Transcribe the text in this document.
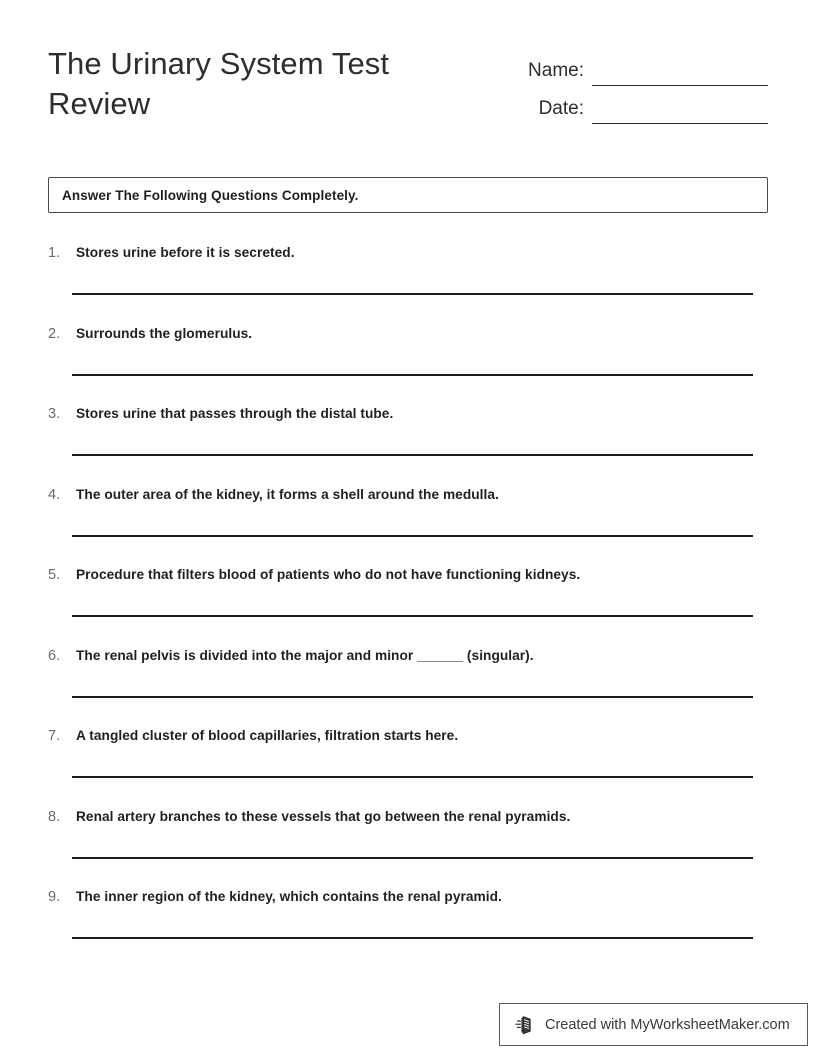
The Urinary System Test Review
Name:
Date:
Answer The Following Questions Completely.
1.	Stores urine before it is secreted.
2.	Surrounds the glomerulus.
3.	Stores urine that passes through the distal tube.
4.	The outer area of the kidney, it forms a shell around the medulla.
5.	Procedure that filters blood of patients who do not have functioning kidneys.
6.	The renal pelvis is divided into the major and minor ______ (singular).
7.	A tangled cluster of blood capillaries, filtration starts here.
8.	Renal artery branches to these vessels that go between the renal pyramids.
9.	The inner region of the kidney, which contains the renal pyramid.
Created with MyWorksheetMaker.com
